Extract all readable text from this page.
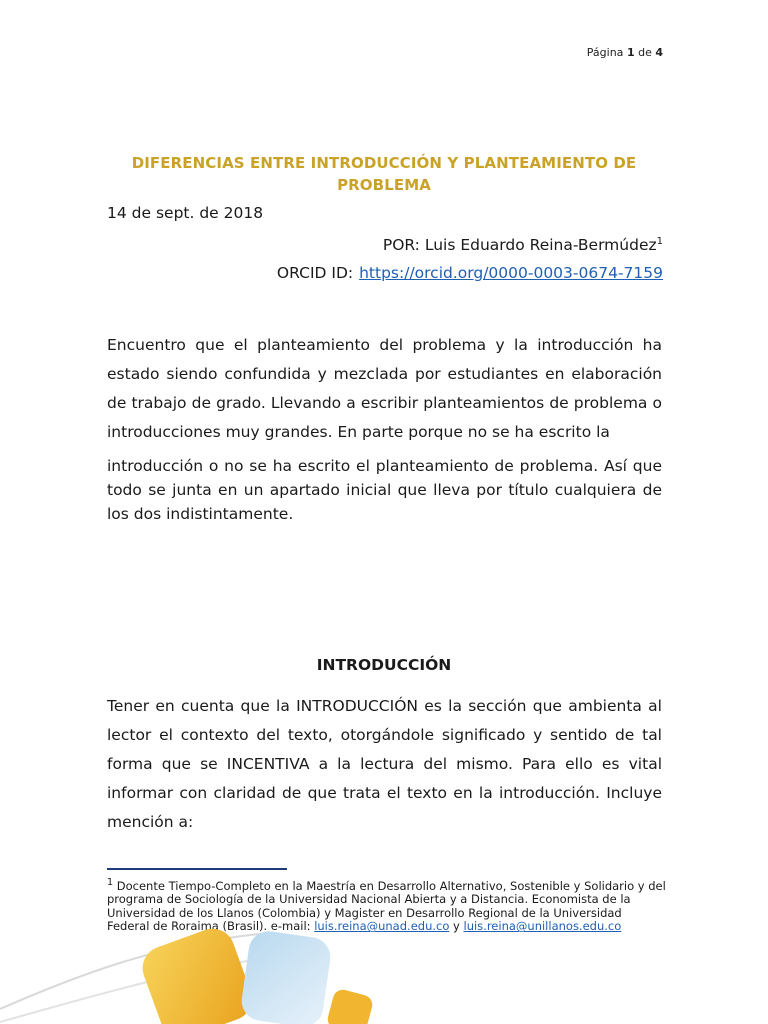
Página 1 de 4
DIFERENCIAS ENTRE INTRODUCCIÓN Y PLANTEAMIENTO DE PROBLEMA
14 de sept. de 2018
POR: Luis Eduardo Reina-Bermúdez$^1$
ORCID ID: https://orcid.org/0000-0003-0674-7159
Encuentro que el planteamiento del problema y la introducción ha estado siendo confundida y mezclada por estudiantes en elaboración de trabajo de grado. Llevando a escribir planteamientos de problema o introducciones muy grandes. En parte porque no se ha escrito la
introducción o no se ha escrito el planteamiento de problema. Así que todo se junta en un apartado inicial que lleva por título cualquiera de los dos indistintamente.
INTRODUCCIÓN
Tener en cuenta que la INTRODUCCIÓN es la sección que ambienta al lector el contexto del texto, otorgándole significado y sentido de tal forma que se INCENTIVA a la lectura del mismo. Para ello es vital informar con claridad de que trata el texto en la introducción. Incluye mención a:
$^1$ Docente Tiempo-Completo en la Maestría en Desarrollo Alternativo, Sostenible y Solidario y del programa de Sociología de la Universidad Nacional Abierta y a Distancia. Economista de la Universidad de los Llanos (Colombia) y Magister en Desarrollo Regional de la Universidad Federal de Roraima (Brasil). e-mail: luis.reina@unad.edu.co y luis.reina@unillanos.edu.co
